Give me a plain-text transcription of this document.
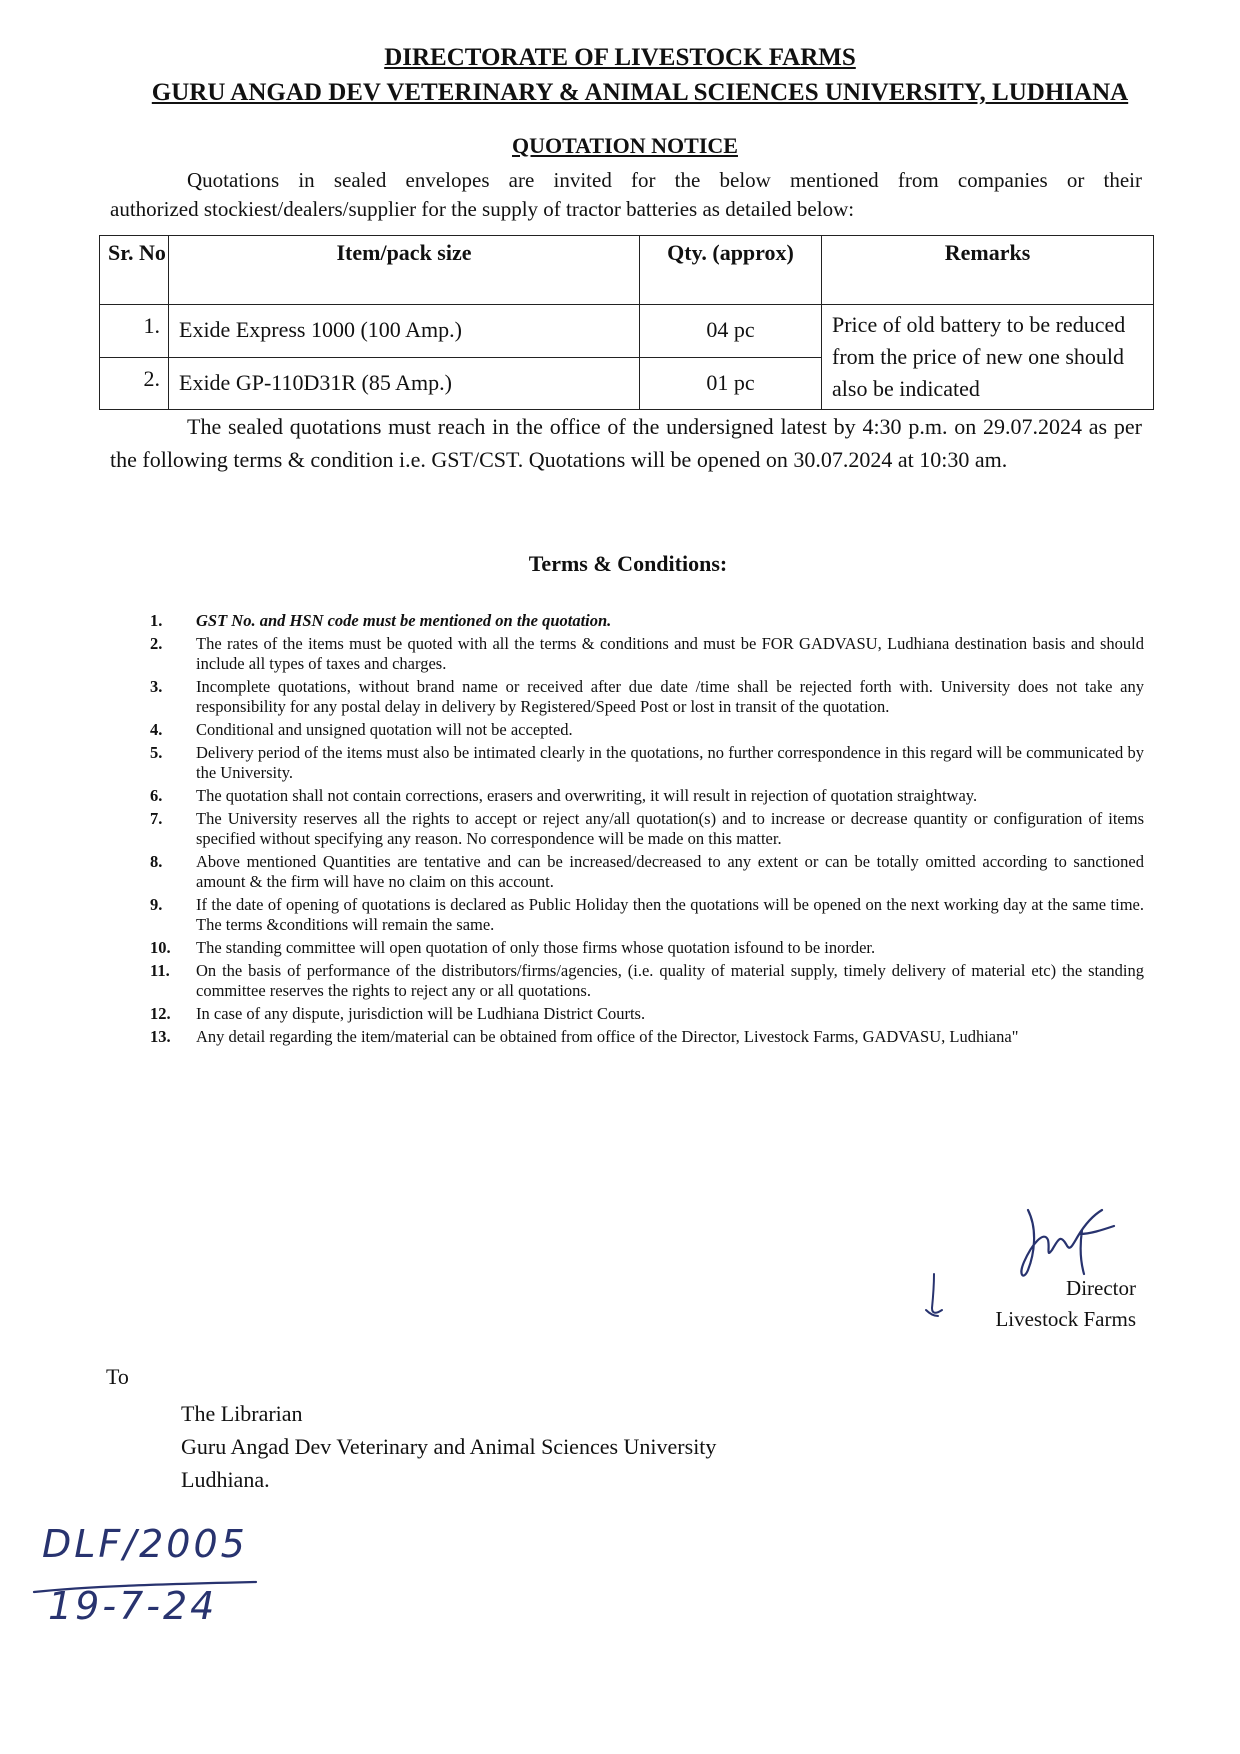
DIRECTORATE OF LIVESTOCK FARMS
GURU ANGAD DEV VETERINARY & ANIMAL SCIENCES UNIVERSITY, LUDHIANA
QUOTATION NOTICE
Quotations in sealed envelopes are invited for the below mentioned from companies or their
authorized stockiest/dealers/supplier for the supply of tractor batteries as detailed below:
Sr. No	Item/pack size	Qty. (approx)	Remarks
1.	Exide Express 1000 (100 Amp.)	04 pc	Price of old battery to be reduced from the price of new one should also be indicated
2.	Exide GP-110D31R (85 Amp.)	01 pc	
The sealed quotations must reach in the office of the undersigned latest by 4:30 p.m. on 29.07.2024 as per the following terms & condition i.e. GST/CST. Quotations will be opened on 30.07.2024 at 10:30 am.
Terms & Conditions:
1.	GST No. and HSN code must be mentioned on the quotation.
2.	The rates of the items must be quoted with all the terms & conditions and must be FOR GADVASU, Ludhiana destination basis and should include all types of taxes and charges.
3.	Incomplete quotations, without brand name or received after due date /time shall be rejected forth with. University does not take any responsibility for any postal delay in delivery by Registered/Speed Post or lost in transit of the quotation.
4.	Conditional and unsigned quotation will not be accepted.
5.	Delivery period of the items must also be intimated clearly in the quotations, no further correspondence in this regard will be communicated by the University.
6.	The quotation shall not contain corrections, erasers and overwriting, it will result in rejection of quotation straightway.
7.	The University reserves all the rights to accept or reject any/all quotation(s) and to increase or decrease quantity or configuration of items specified without specifying any reason. No correspondence will be made on this matter.
8.	Above mentioned Quantities are tentative and can be increased/decreased to any extent or can be totally omitted according to sanctioned amount & the firm will have no claim on this account.
9.	If the date of opening of quotations is declared as Public Holiday then the quotations will be opened on the next working day at the same time. The terms &conditions will remain the same.
10.	The standing committee will open quotation of only those firms whose quotation isfound to be inorder.
11.	On the basis of performance of the distributors/firms/agencies, (i.e. quality of material supply, timely delivery of material etc) the standing committee reserves the rights to reject any or all quotations.
12.	In case of any dispute, jurisdiction will be Ludhiana District Courts.
13.	Any detail regarding the item/material can be obtained from office of the Director, Livestock Farms, GADVASU, Ludhiana"
Director
Livestock Farms
To
The Librarian
Guru Angad Dev Veterinary and Animal Sciences University
Ludhiana.
DLF/2005
19-7-24
